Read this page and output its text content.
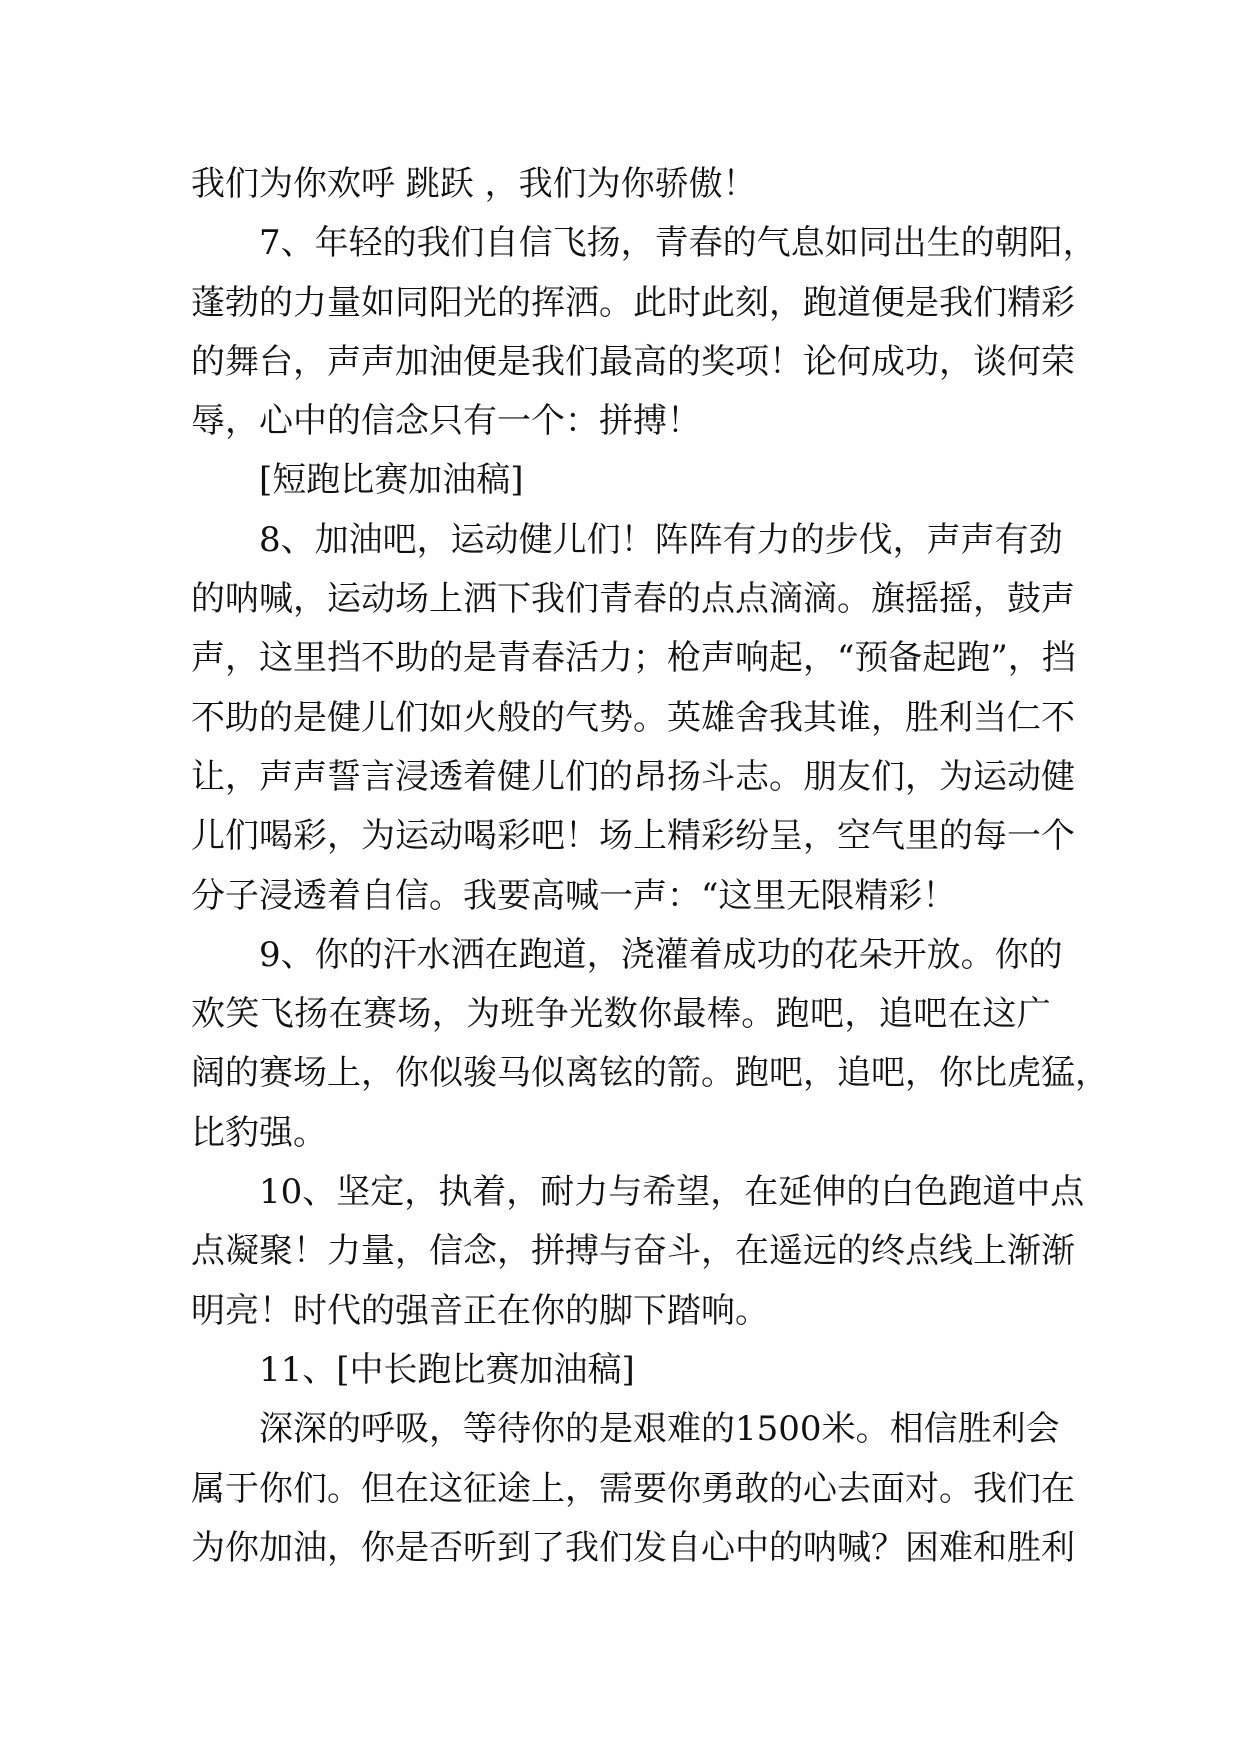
我们为你欢呼 跳跃 ，我们为你骄傲！
7 、 年 轻 的 我 们 自 信 飞 扬 ， 青 春 的 气 息 如 同 出 生 的 朝 阳 ，
蓬 勃 的 力 量 如 同 阳 光 的 挥 洒 。 此 时 此 刻 ， 跑 道 便 是 我 们 精 彩
的 舞 台 ， 声 声 加 油 便 是 我 们 最 高 的 奖 项 ！ 论 何 成 功 ， 谈 何 荣
辱，心中的信念只有一个：拼搏！
[短跑比赛加油稿]
8 、 加 油 吧 ， 运 动 健 儿 们 ！ 阵 阵 有 力 的 步 伐 ， 声 声 有 劲
的 呐 喊 ， 运 动 场 上 洒 下 我 们 青 春 的 点 点 滴 滴 。 旗 摇 摇 ， 鼓 声
声 ， 这 里 挡 不 助 的 是 青 春 活 力 ； 枪 声 响 起 ， “ 预 备 起 跑 ” ， 挡
不 助 的 是 健 儿 们 如 火 般 的 气 势 。 英 雄 舍 我 其 谁 ， 胜 利 当 仁 不
让 ， 声 声 誓 言 浸 透 着 健 儿 们 的 昂 扬 斗 志 。 朋 友 们 ， 为 运 动 健
儿 们 喝 彩 ， 为 运 动 喝 彩 吧 ！ 场 上 精 彩 纷 呈 ， 空 气 里 的 每 一 个
分子浸透着自信。我要高喊一声：“这里无限精彩！
9 、 你 的 汗 水 洒 在 跑 道 ， 浇 灌 着 成 功 的 花 朵 开 放 。 你 的
欢 笑 飞 扬 在 赛 场 ， 为 班 争 光 数 你 最 棒 。 跑 吧 ， 追 吧 在 这 广
阔 的 赛 场 上 ， 你 似 骏 马 似 离 铉 的 箭 。 跑 吧 ， 追 吧 ， 你 比 虎 猛 ，
比豹强。
1 0 、 坚 定 ， 执 着 ， 耐 力 与 希 望 ， 在 延 伸 的 白 色 跑 道 中 点
点 凝 聚 ！ 力 量 ， 信 念 ， 拼 搏 与 奋 斗 ， 在 遥 远 的 终 点 线 上 渐 渐
明亮！时代的强音正在你的脚下踏响。
11、[中长跑比赛加油稿]
深 深 的 呼 吸 ， 等 待 你 的 是 艰 难 的 1 5 0 0 米 。 相 信 胜 利 会
属 于 你 们 。 但 在 这 征 途 上 ， 需 要 你 勇 敢 的 心 去 面 对 。 我 们 在
为 你 加 油 ， 你 是 否 听 到 了 我 们 发 自 心 中 的 呐 喊 ？ 困 难 和 胜 利
